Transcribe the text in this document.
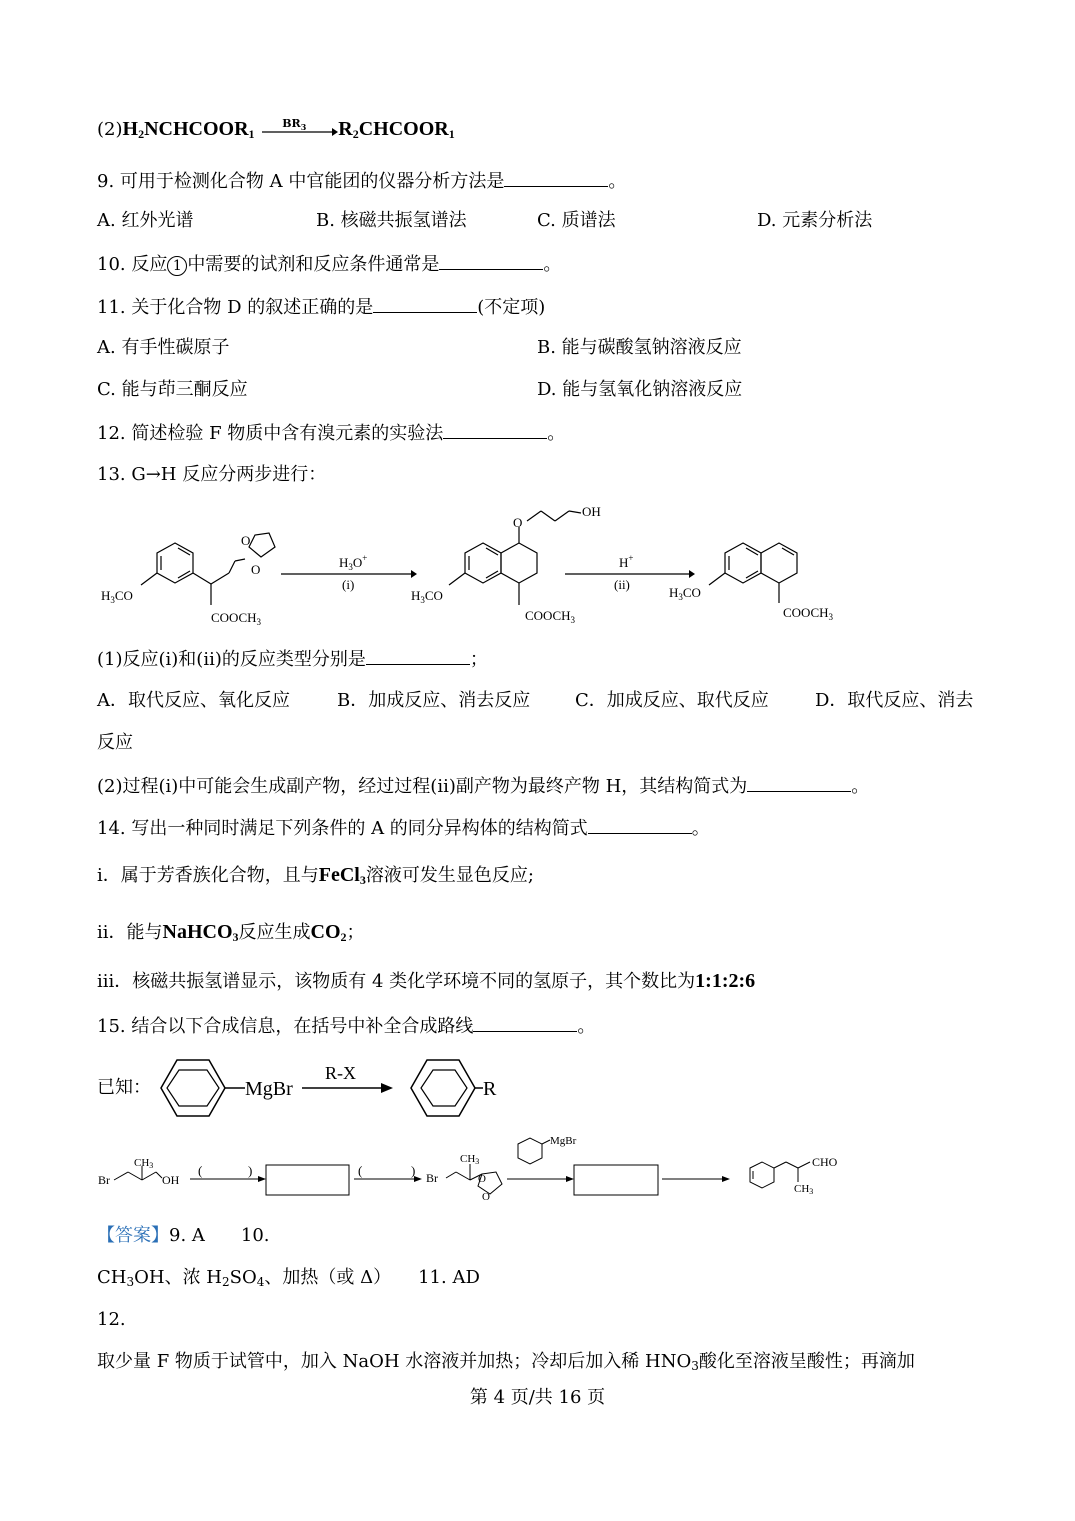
$(2)H_2NCHCOOR_1$
$BR_3$ $R_2CHCOOR_1$
9. 可用于检测化合物 A 中官能团的仪器分析方法是	。
A. 红外光谱	B. 核磁共振氢谱法	C. 质谱法	D. 元素分析法
10. 反应 1 中需要的试剂和反应条件通常是	。
11. 关于化合物 D 的叙述正确的是	(不定项)
A. 有手性碳原子	B. 能与碳酸氢钠溶液反应
C. 能与茚三酮反应	D. 能与氢氧化钠溶液反应
12. 简述检验 F 物质中含有溴元素的实验法	。
13. G→H 反应分两步进行：
O
O
$H_3CO$
$COOCH_3$
$H_3O^+$
(i)
O
OH
$H_3CO$
$COOCH_3$
H+
(ii)
$H_3CO$
$COOCH_3$
(1)反应(i)和(ii)的反应类型分别是	；
A．取代反应、氧化反应	B．加成反应、消去反应 C．加成反应、取代反应	D．取代反应、消去
反应
(2)过程(i)中可能会生成副产物，经过过程(ii)副产物为最终产物 H，其结构简式为	。
14. 写出一种同时满足下列条件的 A 的同分异构体的结构简式	。
i．属于芳香族化合物，且与FeCl$_3$溶液可发生显色反应;
ii．能与NaHCO$_3$反应生成$CO_2$；
iii．核磁共振氢谱显示，该物质有 4 类化学环境不同的氢原子，其个数比为1:1:2:6
15. 结合以下合成信息，在括号中补全合成路线	。
已知：	MgBr
R-X
R
Br
CH3
OH
(	)	(	) Br
CH3
O
O
MgBr
CHO
CH3
【答案】9. A　　10.
$CH_3OH$、浓 $H_2SO_4$、加热（或 Δ）　　11. AD
12.
取少量 F 物质于试管中，加入 NaOH 水溶液并加热；冷却后加入稀 $HNO_3$酸化至溶液呈酸性；再滴加
第 4 页/共 16 页
